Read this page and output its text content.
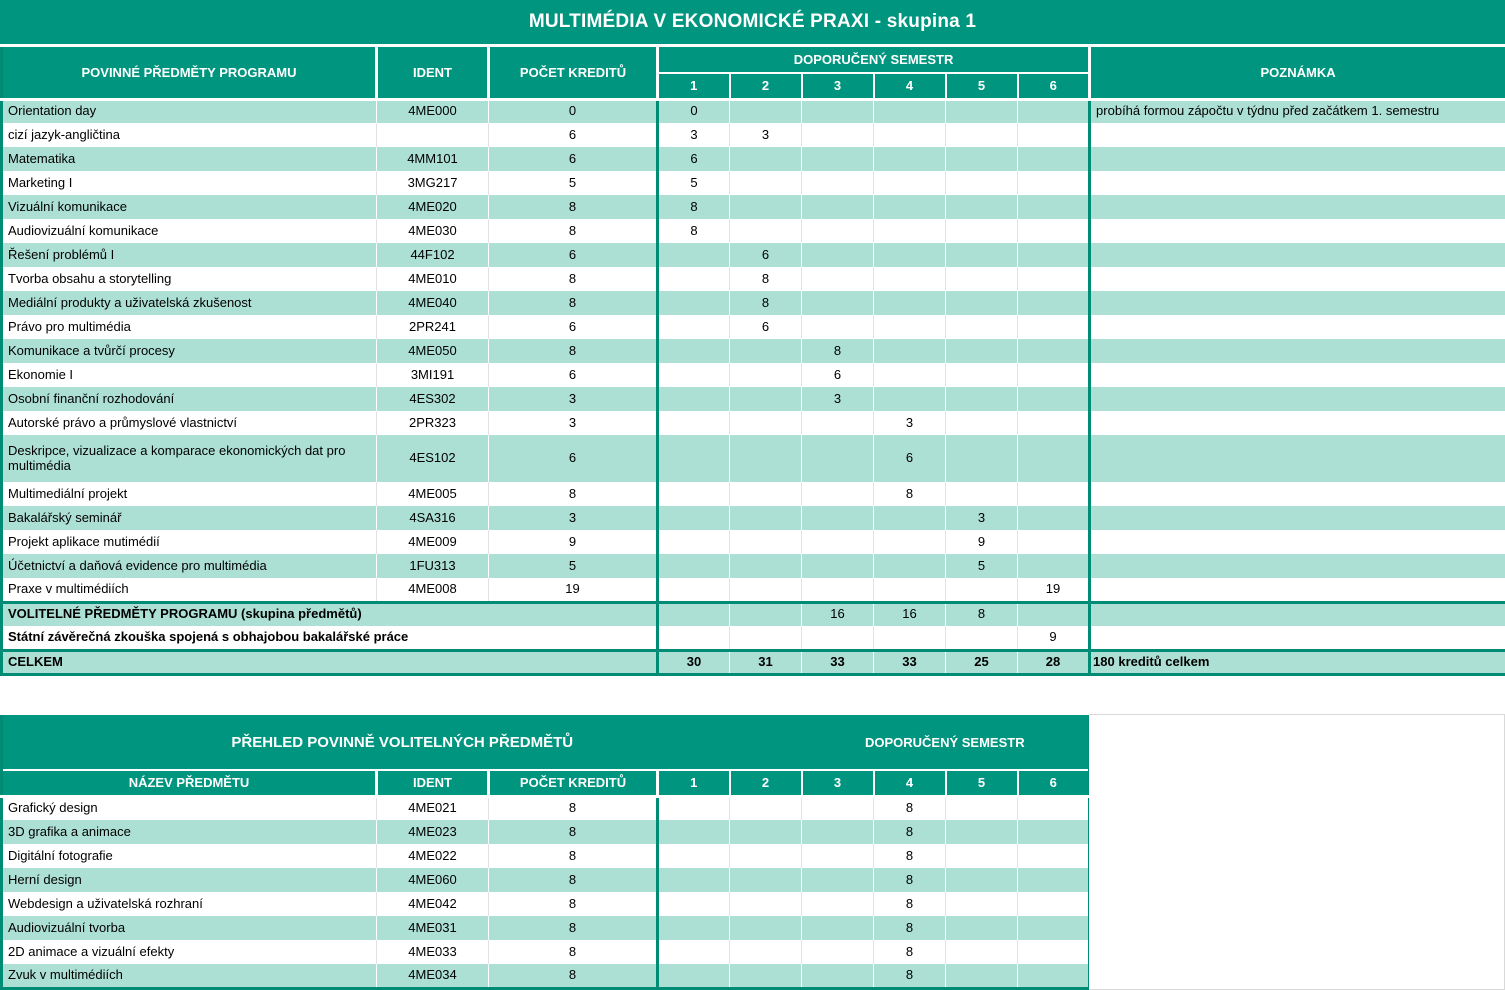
MULTIMÉDIA V EKONOMICKÉ PRAXI - skupina 1
POVINNÉ PŘEDMĚTY PROGRAMU	IDENT	POČET KREDITŮ	DOPORUČENÝ SEMESTR						POZNÁMKA
			1	2	3	4	5	6	
Orientation day	4ME000	0	0						probíhá formou zápočtu v týdnu před začátkem 1. semestru
cizí jazyk-angličtina		6	3	3					
Matematika	4MM101	6	6						
Marketing I	3MG217	5	5						
Vizuální komunikace	4ME020	8	8						
Audiovizuální komunikace	4ME030	8	8						
Řešení problémů I	44F102	6		6					
Tvorba obsahu a storytelling	4ME010	8		8					
Mediální produkty a uživatelská zkušenost	4ME040	8		8					
Právo pro multimédia	2PR241	6		6					
Komunikace a tvůrčí procesy	4ME050	8			8				
Ekonomie I	3MI191	6			6				
Osobní finanční rozhodování	4ES302	3			3				
Autorské právo a průmyslové vlastnictví	2PR323	3				3			
Deskripce, vizualizace a komparace ekonomických dat pro multimédia	4ES102	6				6			
Multimediální projekt	4ME005	8				8			
Bakalářský seminář	4SA316	3					3		
Projekt aplikace mutimédií	4ME009	9					9		
Účetnictví a daňová evidence pro multimédia	1FU313	5					5		
Praxe v multimédiích	4ME008	19						19	
VOLITELNÉ PŘEDMĚTY PROGRAMU (skupina předmětů)					16	16	8		
Státní závěrečná zkouška spojená s obhajobou bakalářské práce								9	
CELKEM			30	31	33	33	25	28	180 kreditů celkem
PŘEHLED POVINNĚ VOLITELNÝCH PŘEDMĚTŮ					DOPORUČENÝ SEMESTR			
NÁZEV PŘEDMĚTU	IDENT	POČET KREDITŮ	1	2	3	4	5	6
Grafický design	4ME021	8				8		
3D grafika a animace	4ME023	8				8		
Digitální fotografie	4ME022	8				8		
Herní design	4ME060	8				8		
Webdesign a uživatelská rozhraní	4ME042	8				8		
Audiovizuální tvorba	4ME031	8				8		
2D animace a vizuální efekty	4ME033	8				8		
Zvuk v multimédiích	4ME034	8				8		
